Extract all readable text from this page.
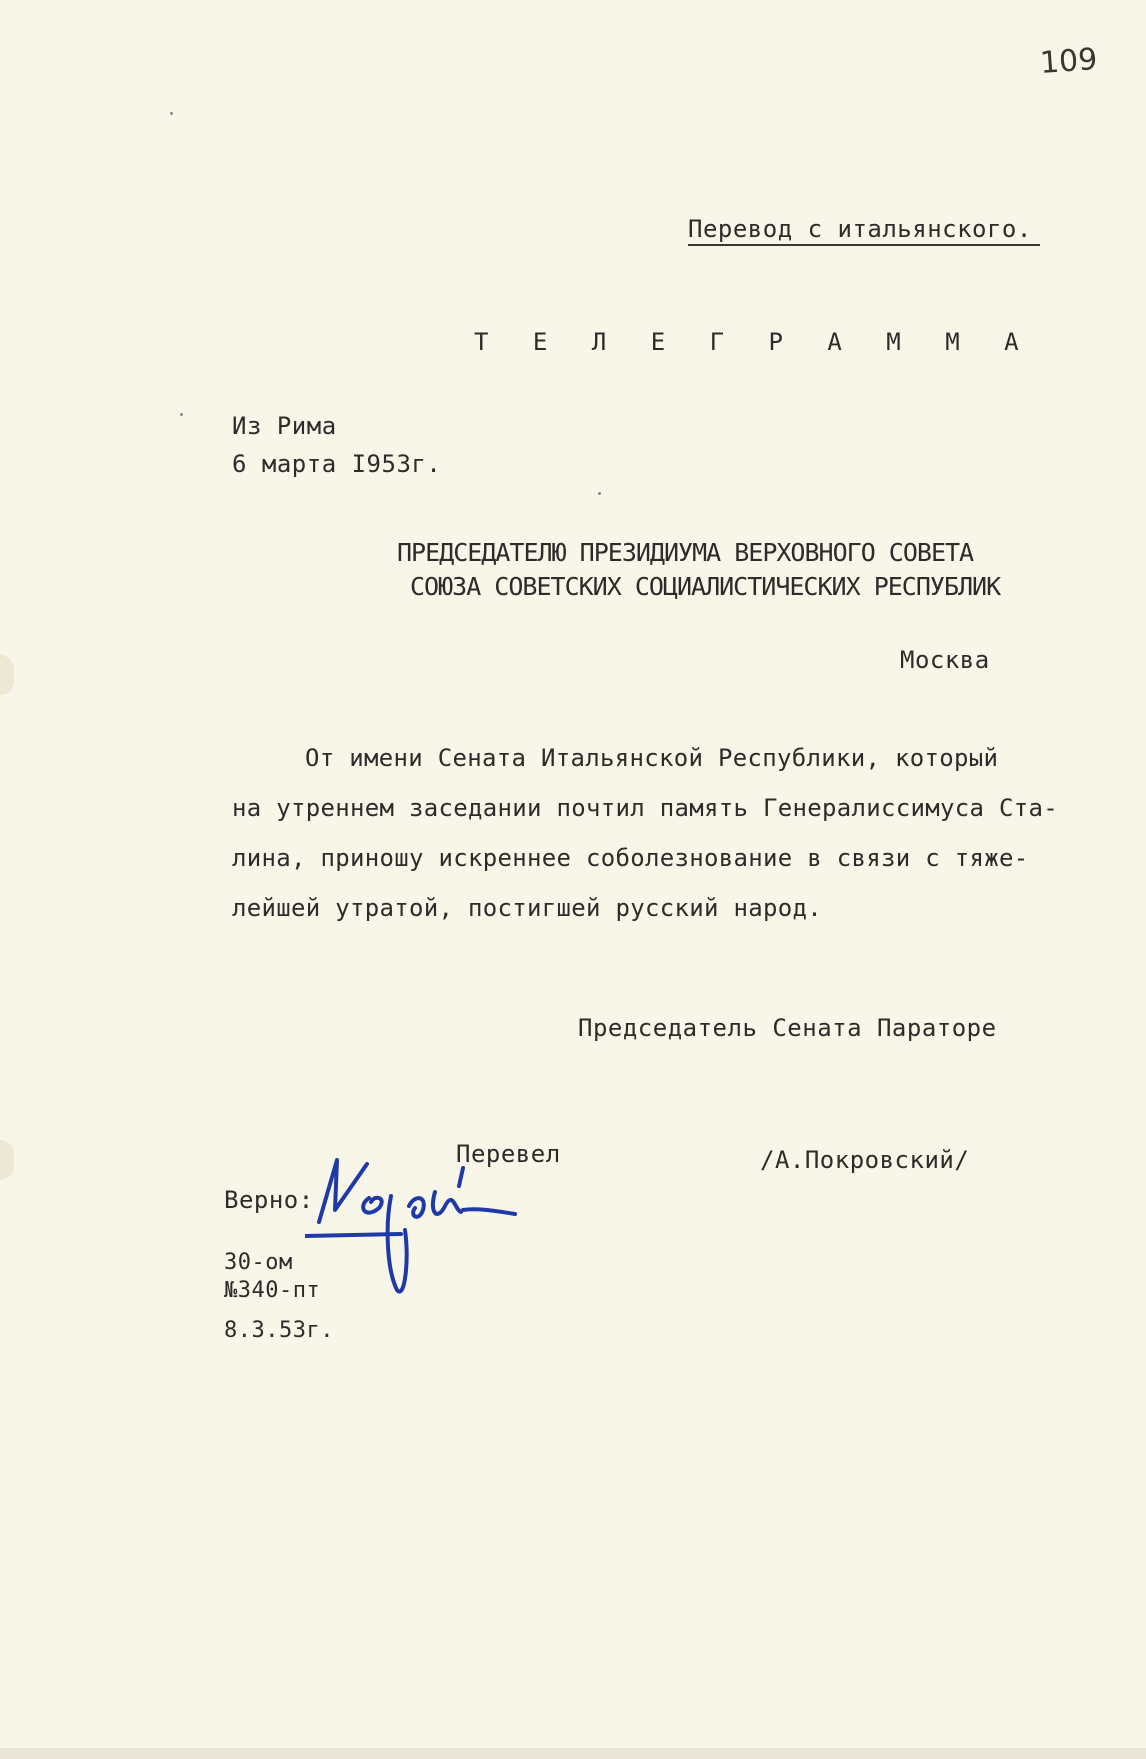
109
Перевод с итальянского.
Т Е Л Е Г Р А М М А
Из Рима
6 марта I953г.
ПРЕДСЕДАТЕЛЮ ПРЕЗИДИУМА ВЕРХОВНОГО СОВЕТА
СОЮЗА СОВЕТСКИХ СОЦИАЛИСТИЧЕСКИХ РЕСПУБЛИК
Москва
От имени Сената Итальянской Республики, который
на утреннем заседании почтил память Генералиссимуса Ста-
лина, приношу искреннее соболезнование в связи с тяже-
лейшей утратой, постигшей русский народ.
Председатель Сената Параторе
Перевел	/А.Покровский/
Верно:
30-ом
№340-пт
8.3.53г.
